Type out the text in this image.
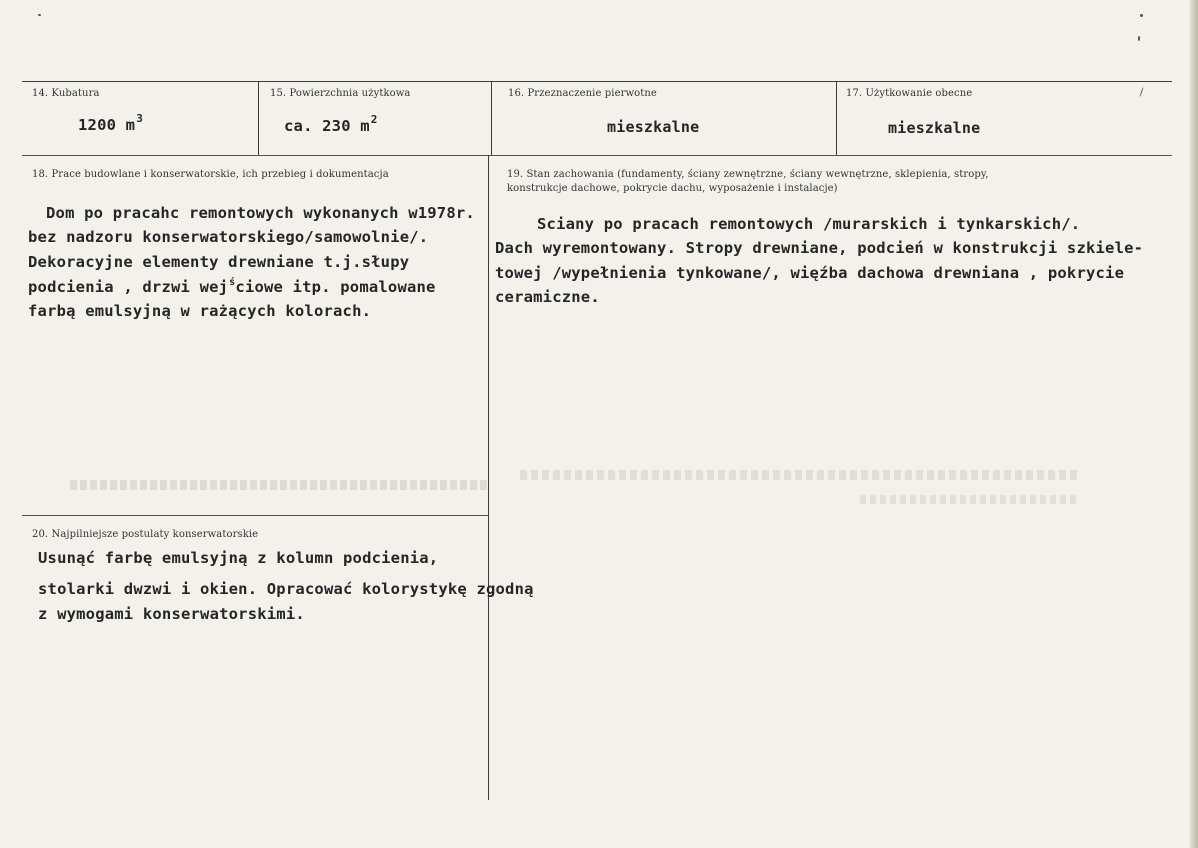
14. Kubatura
1200 $m^3$
15. Powierzchnia użytkowa
ca. 230 $m^2$
16. Przeznaczenie pierwotne
mieszkalne
17. Użytkowanie obecne
mieszkalne
18. Prace budowlane i konserwatorskie, ich przebieg i dokumentacja
Dom po pracahc remontowych wykonanych w1978r.
bez nadzoru konserwatorskiego/samowolnie/.
Dekoracyjne elementy drewniane t.j.słupy
podcienia , drzwi wej$^ś$ciowe itp. pomalowane
farbą emulsyjną w rażących kolorach.
19. Stan zachowania (fundamenty, ściany zewnętrzne, ściany wewnętrzne, sklepienia, stropy,
konstrukcje dachowe, pokrycie dachu, wyposażenie i instalacje)
Sciany po pracach remontowych /murarskich i tynkarskich/.
Dach wyremontowany. Stropy drewniane, podcień w konstrukcji szkiele-
towej /wypełnienia tynkowane/, więźba dachowa drewniana , pokrycie
ceramiczne.
20. Najpilniejsze postulaty konserwatorskie
Usunąć farbę emulsyjną z kolumn podcienia,
stolarki dwzwi i okien. Opracować kolorystykę zgodną
z wymogami konserwatorskimi.
